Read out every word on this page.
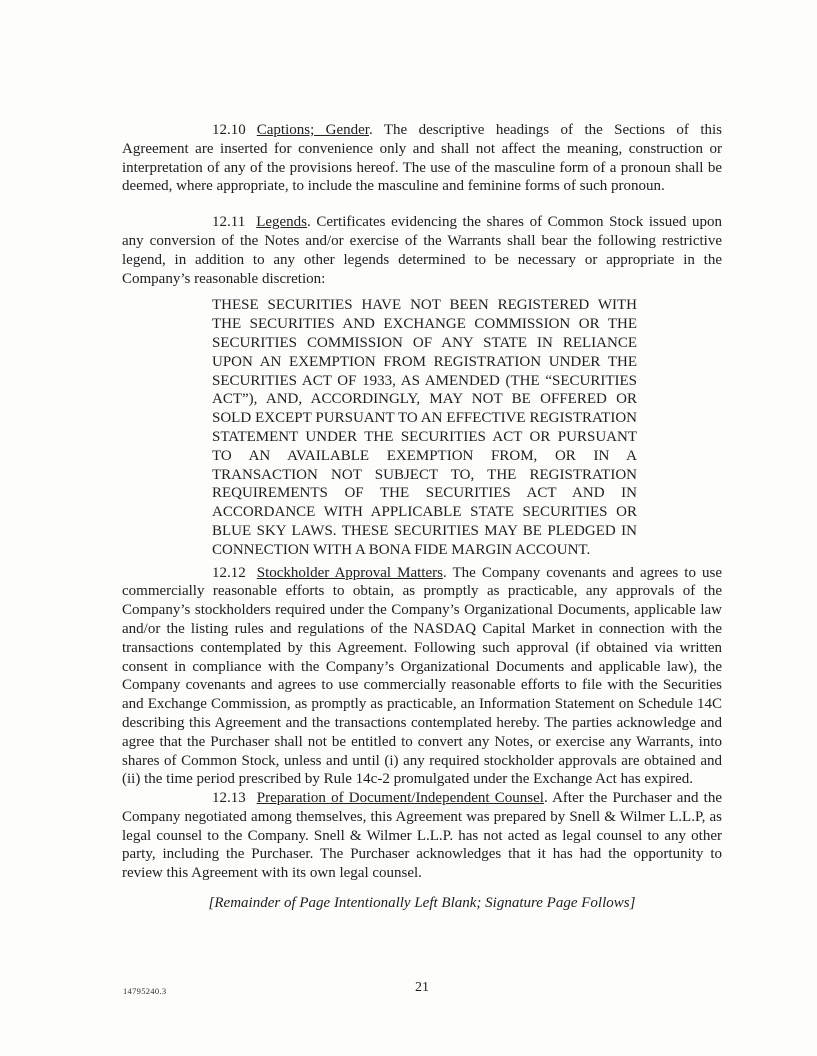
12.10 Captions; Gender. The descriptive headings of the Sections of this Agreement are inserted for convenience only and shall not affect the meaning, construction or interpretation of any of the provisions hereof. The use of the masculine form of a pronoun shall be deemed, where appropriate, to include the masculine and feminine forms of such pronoun.

12.11 Legends. Certificates evidencing the shares of Common Stock issued upon any conversion of the Notes and/or exercise of the Warrants shall bear the following restrictive legend, in addition to any other legends determined to be necessary or appropriate in the Company’s reasonable discretion:

THESE SECURITIES HAVE NOT BEEN REGISTERED WITH THE SECURITIES AND EXCHANGE COMMISSION OR THE SECURITIES COMMISSION OF ANY STATE IN RELIANCE UPON AN EXEMPTION FROM REGISTRATION UNDER THE SECURITIES ACT OF 1933, AS AMENDED (THE “SECURITIES ACT”), AND, ACCORDINGLY, MAY NOT BE OFFERED OR SOLD EXCEPT PURSUANT TO AN EFFECTIVE REGISTRATION STATEMENT UNDER THE SECURITIES ACT OR PURSUANT TO AN AVAILABLE EXEMPTION FROM, OR IN A TRANSACTION NOT SUBJECT TO, THE REGISTRATION REQUIREMENTS OF THE SECURITIES ACT AND IN ACCORDANCE WITH APPLICABLE STATE SECURITIES OR BLUE SKY LAWS. THESE SECURITIES MAY BE PLEDGED IN CONNECTION WITH A BONA FIDE MARGIN ACCOUNT.

12.12 Stockholder Approval Matters. The Company covenants and agrees to use commercially reasonable efforts to obtain, as promptly as practicable, any approvals of the Company’s stockholders required under the Company’s Organizational Documents, applicable law and/or the listing rules and regulations of the NASDAQ Capital Market in connection with the transactions contemplated by this Agreement. Following such approval (if obtained via written consent in compliance with the Company’s Organizational Documents and applicable law), the Company covenants and agrees to use commercially reasonable efforts to file with the Securities and Exchange Commission, as promptly as practicable, an Information Statement on Schedule 14C describing this Agreement and the transactions contemplated hereby. The parties acknowledge and agree that the Purchaser shall not be entitled to convert any Notes, or exercise any Warrants, into shares of Common Stock, unless and until (i) any required stockholder approvals are obtained and (ii) the time period prescribed by Rule 14c-2 promulgated under the Exchange Act has expired.

12.13 Preparation of Document/Independent Counsel. After the Purchaser and the Company negotiated among themselves, this Agreement was prepared by Snell & Wilmer L.L.P, as legal counsel to the Company. Snell & Wilmer L.L.P. has not acted as legal counsel to any other party, including the Purchaser. The Purchaser acknowledges that it has had the opportunity to review this Agreement with its own legal counsel.

[Remainder of Page Intentionally Left Blank; Signature Page Follows]
14795240.3	21
